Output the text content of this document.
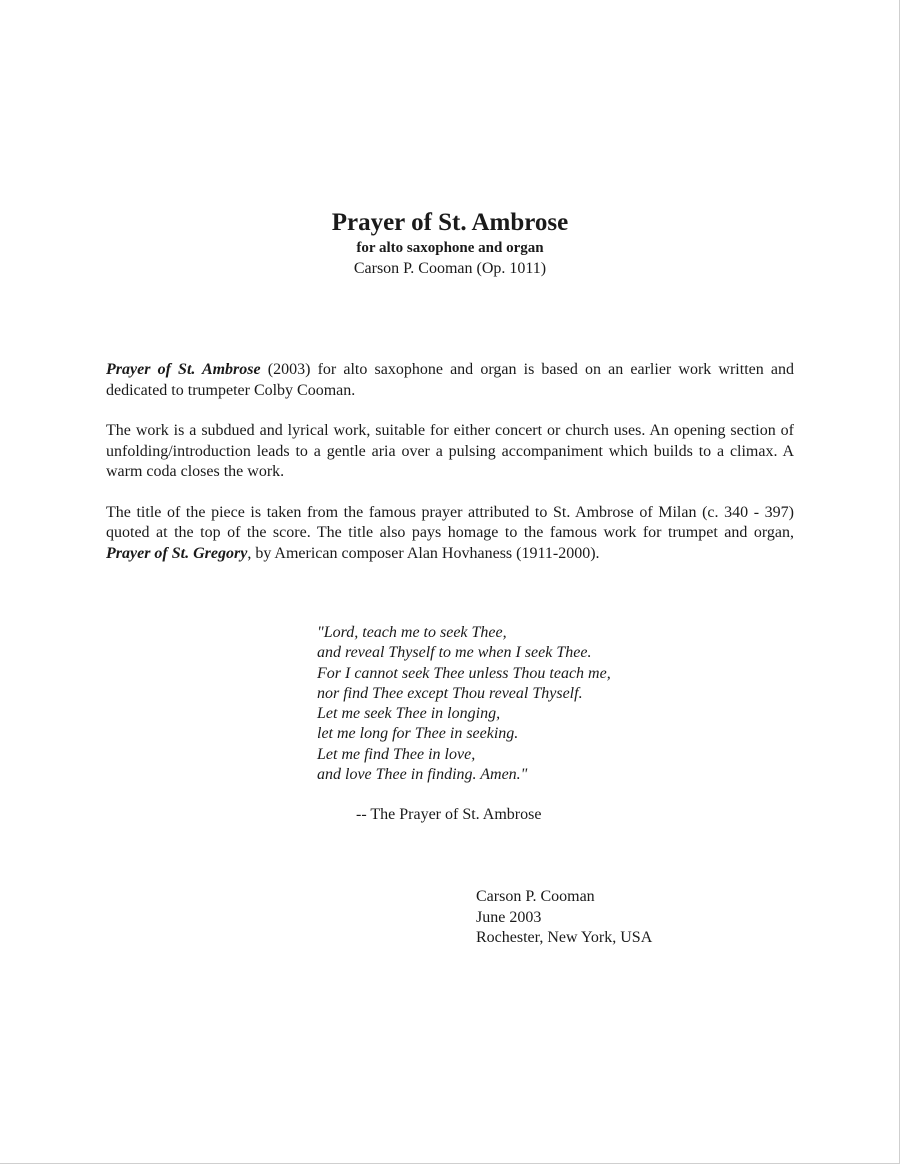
Prayer of St. Ambrose
for alto saxophone and organ
Carson P. Cooman (Op. 1011)

Prayer of St. Ambrose (2003) for alto saxophone and organ is based on an earlier work written and dedicated to trumpeter Colby Cooman.

The work is a subdued and lyrical work, suitable for either concert or church uses. An opening section of unfolding/introduction leads to a gentle aria over a pulsing accompaniment which builds to a climax. A warm coda closes the work.

The title of the piece is taken from the famous prayer attributed to St. Ambrose of Milan (c. 340 - 397) quoted at the top of the score. The title also pays homage to the famous work for trumpet and organ, Prayer of St. Gregory, by American composer Alan Hovhaness (1911-2000).

"Lord, teach me to seek Thee,
and reveal Thyself to me when I seek Thee.
For I cannot seek Thee unless Thou teach me,
nor find Thee except Thou reveal Thyself.
Let me seek Thee in longing,
let me long for Thee in seeking.
Let me find Thee in love,
and love Thee in finding. Amen."
-- The Prayer of St. Ambrose
Carson P. Cooman
June 2003
Rochester, New York, USA
